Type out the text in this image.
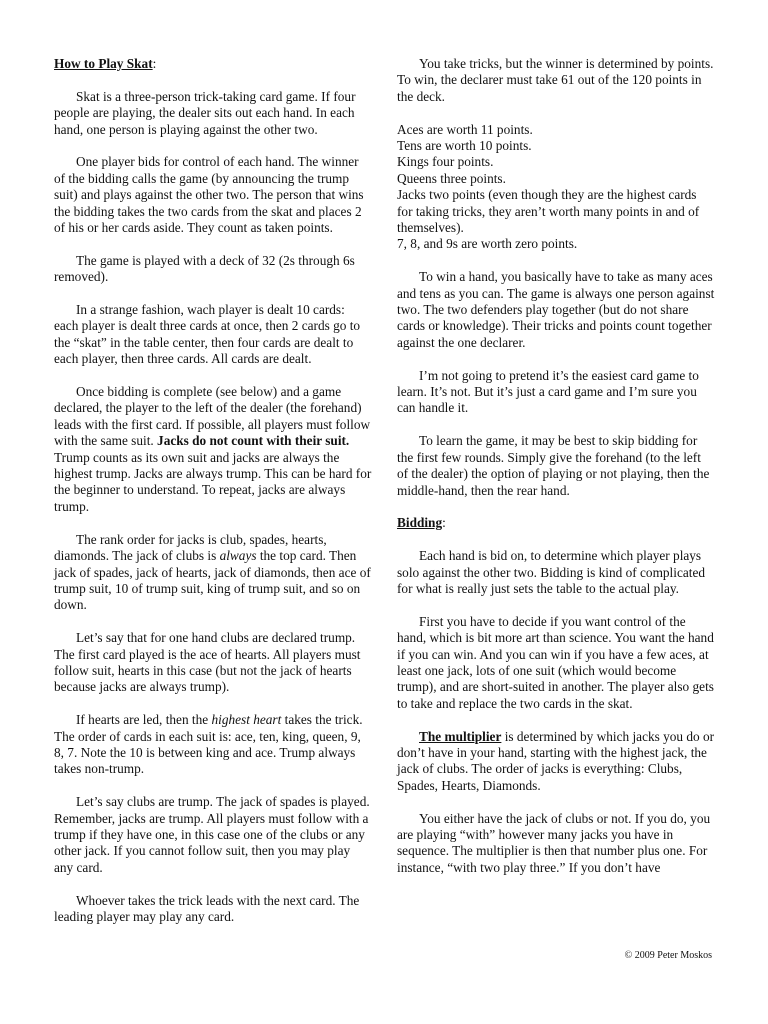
How to Play Skat:

Skat is a three-person trick-taking card game. If four people are playing, the dealer sits out each hand. In each hand, one person is playing against the other two.

One player bids for control of each hand. The winner of the bidding calls the game (by announcing the trump suit) and plays against the other two. The person that wins the bidding takes the two cards from the skat and places 2 of his or her cards aside. They count as taken points.

The game is played with a deck of 32 (2s through 6s removed).

In a strange fashion, wach player is dealt 10 cards: each player is dealt three cards at once, then 2 cards go to the “skat” in the table center, then four cards are dealt to each player, then three cards. All cards are dealt.

Once bidding is complete (see below) and a game declared, the player to the left of the dealer (the forehand) leads with the first card. If possible, all players must follow with the same suit. Jacks do not count with their suit. Trump counts as its own suit and jacks are always the highest trump. Jacks are always trump. This can be hard for the beginner to understand. To repeat, jacks are always trump.

The rank order for jacks is club, spades, hearts, diamonds. The jack of clubs is always the top card. Then jack of spades, jack of hearts, jack of diamonds, then ace of trump suit, 10 of trump suit, king of trump suit, and so on down.

Let’s say that for one hand clubs are declared trump. The first card played is the ace of hearts. All players must follow suit, hearts in this case (but not the jack of hearts because jacks are always trump).

If hearts are led, then the highest heart takes the trick. The order of cards in each suit is: ace, ten, king, queen, 9, 8, 7. Note the 10 is between king and ace. Trump always takes non-trump.

Let’s say clubs are trump. The jack of spades is played. Remember, jacks are trump. All players must follow with a trump if they have one, in this case one of the clubs or any other jack. If you cannot follow suit, then you may play any card.

Whoever takes the trick leads with the next card. The leading player may play any card.

You take tricks, but the winner is determined by points. To win, the declarer must take 61 out of the 120 points in the deck.

Aces are worth 11 points.
Tens are worth 10 points.
Kings four points.
Queens three points.
Jacks two points (even though they are the highest cards for taking tricks, they aren’t worth many points in and of themselves).
7, 8, and 9s are worth zero points.

To win a hand, you basically have to take as many aces and tens as you can. The game is always one person against two. The two defenders play together (but do not share cards or knowledge). Their tricks and points count together against the one declarer.

I’m not going to pretend it’s the easiest card game to learn. It’s not. But it’s just a card game and I’m sure you can handle it.

To learn the game, it may be best to skip bidding for the first few rounds. Simply give the forehand (to the left of the dealer) the option of playing or not playing, then the middle-hand, then the rear hand.

Bidding:

Each hand is bid on, to determine which player plays solo against the other two. Bidding is kind of complicated for what is really just sets the table to the actual play.

First you have to decide if you want control of the hand, which is bit more art than science. You want the hand if you can win. And you can win if you have a few aces, at least one jack, lots of one suit (which would become trump), and are short-suited in another. The player also gets to take and replace the two cards in the skat.

The multiplier is determined by which jacks you do or don’t have in your hand, starting with the highest jack, the jack of clubs. The order of jacks is everything: Clubs, Spades, Hearts, Diamonds.

You either have the jack of clubs or not. If you do, you are playing “with” however many jacks you have in sequence. The multiplier is then that number plus one. For instance, “with two play three.” If you don’t have

© 2009 Peter Moskos
